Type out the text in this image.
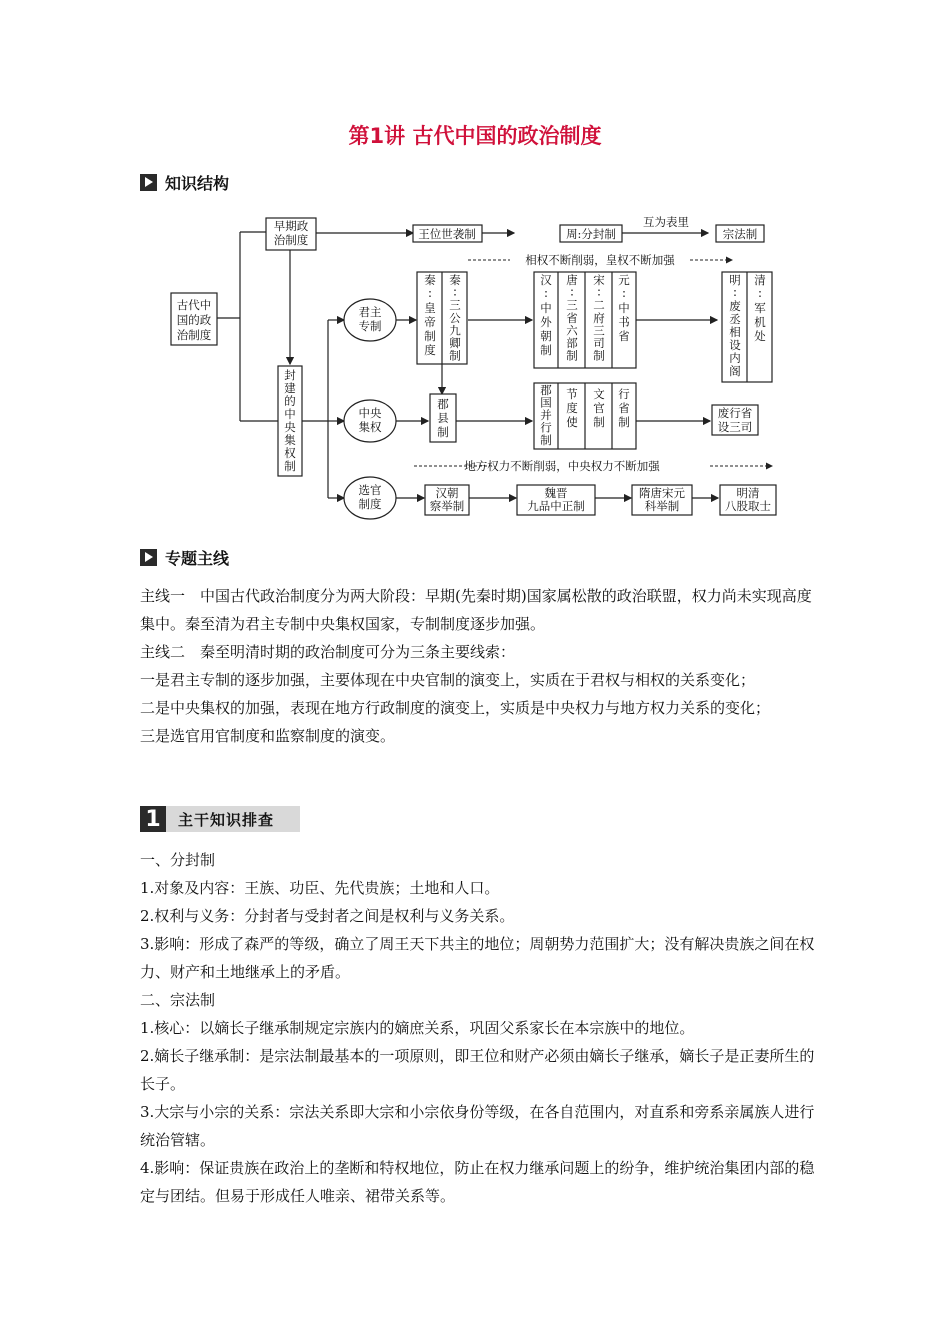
第1讲 古代中国的政治制度
知识结构
古代中
国的政
治制度
早期政
治制度	王位世袭制	周:分封制
互为表里
宗法制
封
建
的
中
央
集
权
制
君主
专制
中央
集权
选官
制度
秦
∶
皇
帝
制
度
秦
∶
三
公
九
卿
制
郡
县
制
汉
∶
中
外
朝
制
唐
∶
三
省
六
部
制
宋
∶
二
府
三
司
制
元
∶
中
书
省
明
∶
废
丞
相
设
内
阁
清
∶
军
机
处
郡
国
并
行
制
节
度
使
文
官
制
行
省
制
废行省
设三司
汉朝
察举制
魏晋
九品中正制
隋唐宋元
科举制
明清
八股取士
相权不断削弱，皇权不断加强
地方权力不断削弱，中央权力不断加强
专题主线

主线一　中国古代政治制度分为两大阶段：早期(先秦时期)国家属松散的政治联盟，权力尚未实现高度集中。秦至清为君主专制中央集权国家，专制制度逐步加强。

主线二　秦至明清时期的政治制度可分为三条主要线索：

一是君主专制的逐步加强，主要体现在中央官制的演变上，实质在于君权与相权的关系变化；

二是中央集权的加强，表现在地方行政制度的演变上，实质是中央权力与地方权力关系的变化；

三是选官用官制度和监察制度的演变。

1	主干知识排查

一、分封制

1.对象及内容：王族、功臣、先代贵族；土地和人口。

2.权利与义务：分封者与受封者之间是权利与义务关系。

3.影响：形成了森严的等级，确立了周王天下共主的地位；周朝势力范围扩大；没有解决贵族之间在权力、财产和土地继承上的矛盾。

二、宗法制

1.核心：以嫡长子继承制规定宗族内的嫡庶关系，巩固父系家长在本宗族中的地位。

2.嫡长子继承制：是宗法制最基本的一项原则，即王位和财产必须由嫡长子继承，嫡长子是正妻所生的长子。

3.大宗与小宗的关系：宗法关系即大宗和小宗依身份等级，在各自范围内，对直系和旁系亲属族人进行统治管辖。

4.影响：保证贵族在政治上的垄断和特权地位，防止在权力继承问题上的纷争，维护统治集团内部的稳定与团结。但易于形成任人唯亲、裙带关系等。
